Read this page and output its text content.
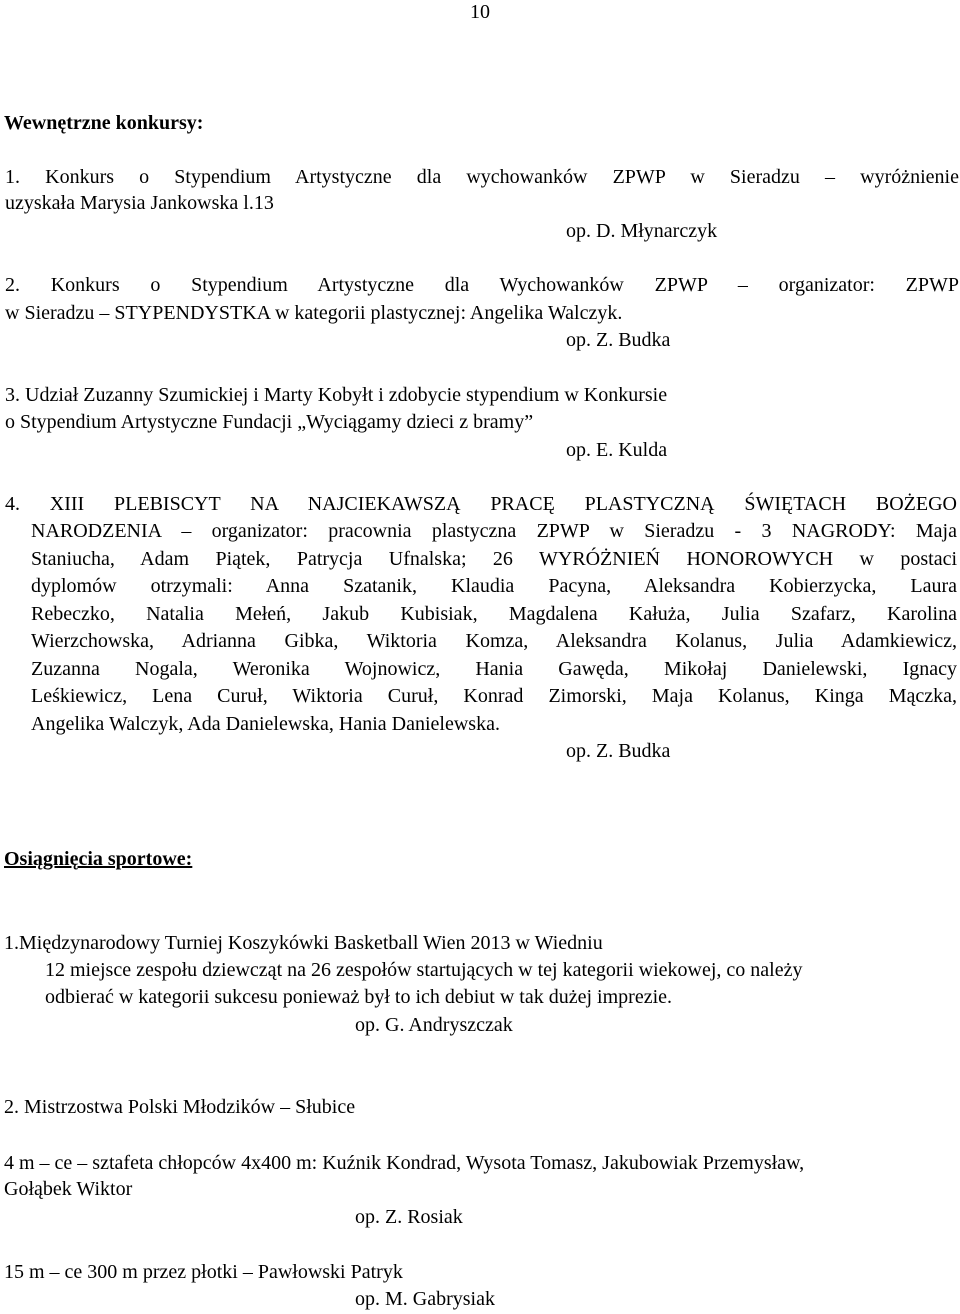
10
Wewnętrzne konkursy:
1. Konkurs o Stypendium Artystyczne dla wychowanków ZPWP w Sieradzu – wyróżnienie
uzyskała Marysia Jankowska l.13
op. D. Młynarczyk
2. Konkurs o Stypendium Artystyczne dla Wychowanków ZPWP – organizator: ZPWP
w Sieradzu – STYPENDYSTKA w kategorii plastycznej: Angelika Walczyk.
op. Z. Budka
3. Udział Zuzanny Szumickiej i Marty Kobyłt i zdobycie stypendium w Konkursie
o Stypendium Artystyczne Fundacji „Wyciągamy dzieci z bramy”
op. E. Kulda
4. XIII PLEBISCYT NA NAJCIEKAWSZĄ PRACĘ PLASTYCZNĄ ŚWIĘTACH BOŻEGO
NARODZENIA – organizator: pracownia plastyczna ZPWP w Sieradzu - 3 NAGRODY: Maja
Staniucha, Adam Piątek, Patrycja Ufnalska; 26 WYRÓŻNIEŃ HONOROWYCH w postaci
dyplomów otrzymali: Anna Szatanik, Klaudia Pacyna, Aleksandra Kobierzycka, Laura
Rebeczko, Natalia Mełeń, Jakub Kubisiak, Magdalena Kałuża, Julia Szafarz, Karolina
Wierzchowska, Adrianna Gibka, Wiktoria Komza, Aleksandra Kolanus, Julia Adamkiewicz,
Zuzanna Nogala, Weronika Wojnowicz, Hania Gawęda, Mikołaj Danielewski, Ignacy
Leśkiewicz, Lena Curuł, Wiktoria Curuł, Konrad Zimorski, Maja Kolanus, Kinga Mączka,
Angelika Walczyk, Ada Danielewska, Hania Danielewska.
op. Z. Budka
Osiągnięcia sportowe:
1.Międzynarodowy Turniej Koszykówki Basketball Wien 2013 w Wiedniu
12 miejsce zespołu dziewcząt na 26 zespołów startujących w tej kategorii wiekowej, co należy
odbierać w kategorii sukcesu ponieważ był to ich debiut w tak dużej imprezie.
op. G. Andryszczak
2. Mistrzostwa Polski Młodzików – Słubice
4 m – ce – sztafeta chłopców 4x400 m: Kuźnik Kondrad, Wysota Tomasz, Jakubowiak Przemysław,
Gołąbek Wiktor
op. Z. Rosiak
15 m – ce 300 m przez płotki – Pawłowski Patryk
op. M. Gabrysiak
